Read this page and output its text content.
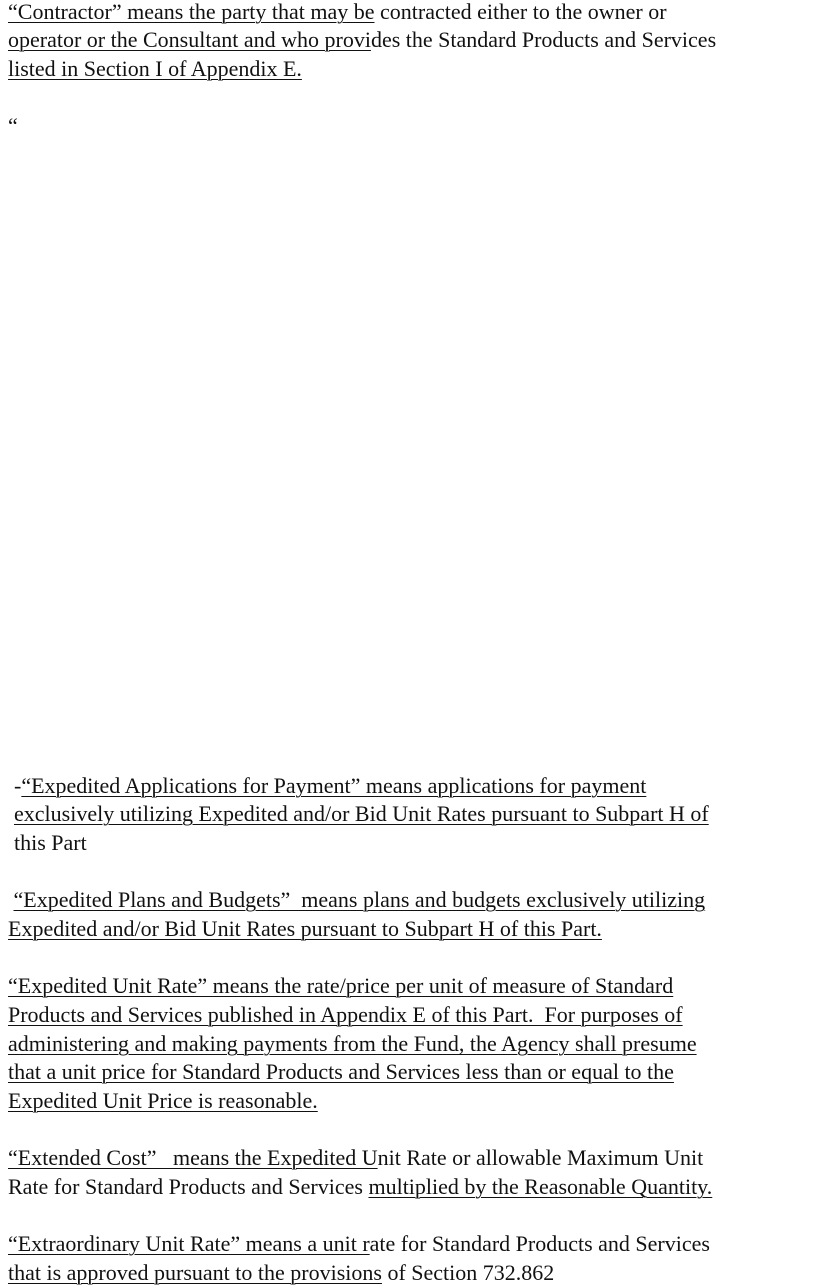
“Contractor” means the party that may be contracted either to the owner or
operator or the Consultant and who provides the Standard Products and Services
listed in Section I of Appendix E.
“
-“Expedited Applications for Payment” means applications for payment
exclusively utilizing Expedited and/or Bid Unit Rates pursuant to Subpart H of
this Part
“Expedited Plans and Budgets”  means plans and budgets exclusively utilizing
Expedited and/or Bid Unit Rates pursuant to Subpart H of this Part.
“Expedited Unit Rate” means the rate/price per unit of measure of Standard
Products and Services published in Appendix E of this Part.  For purposes of
administering and making payments from the Fund, the Agency shall presume
that a unit price for Standard Products and Services less than or equal to the
Expedited Unit Price is reasonable.
“Extended Cost”   means the Expedited Unit Rate or allowable Maximum Unit
Rate for Standard Products and Services multiplied by the Reasonable Quantity.
“Extraordinary Unit Rate” means a unit rate for Standard Products and Services
that is approved pursuant to the provisions of Section 732.862
